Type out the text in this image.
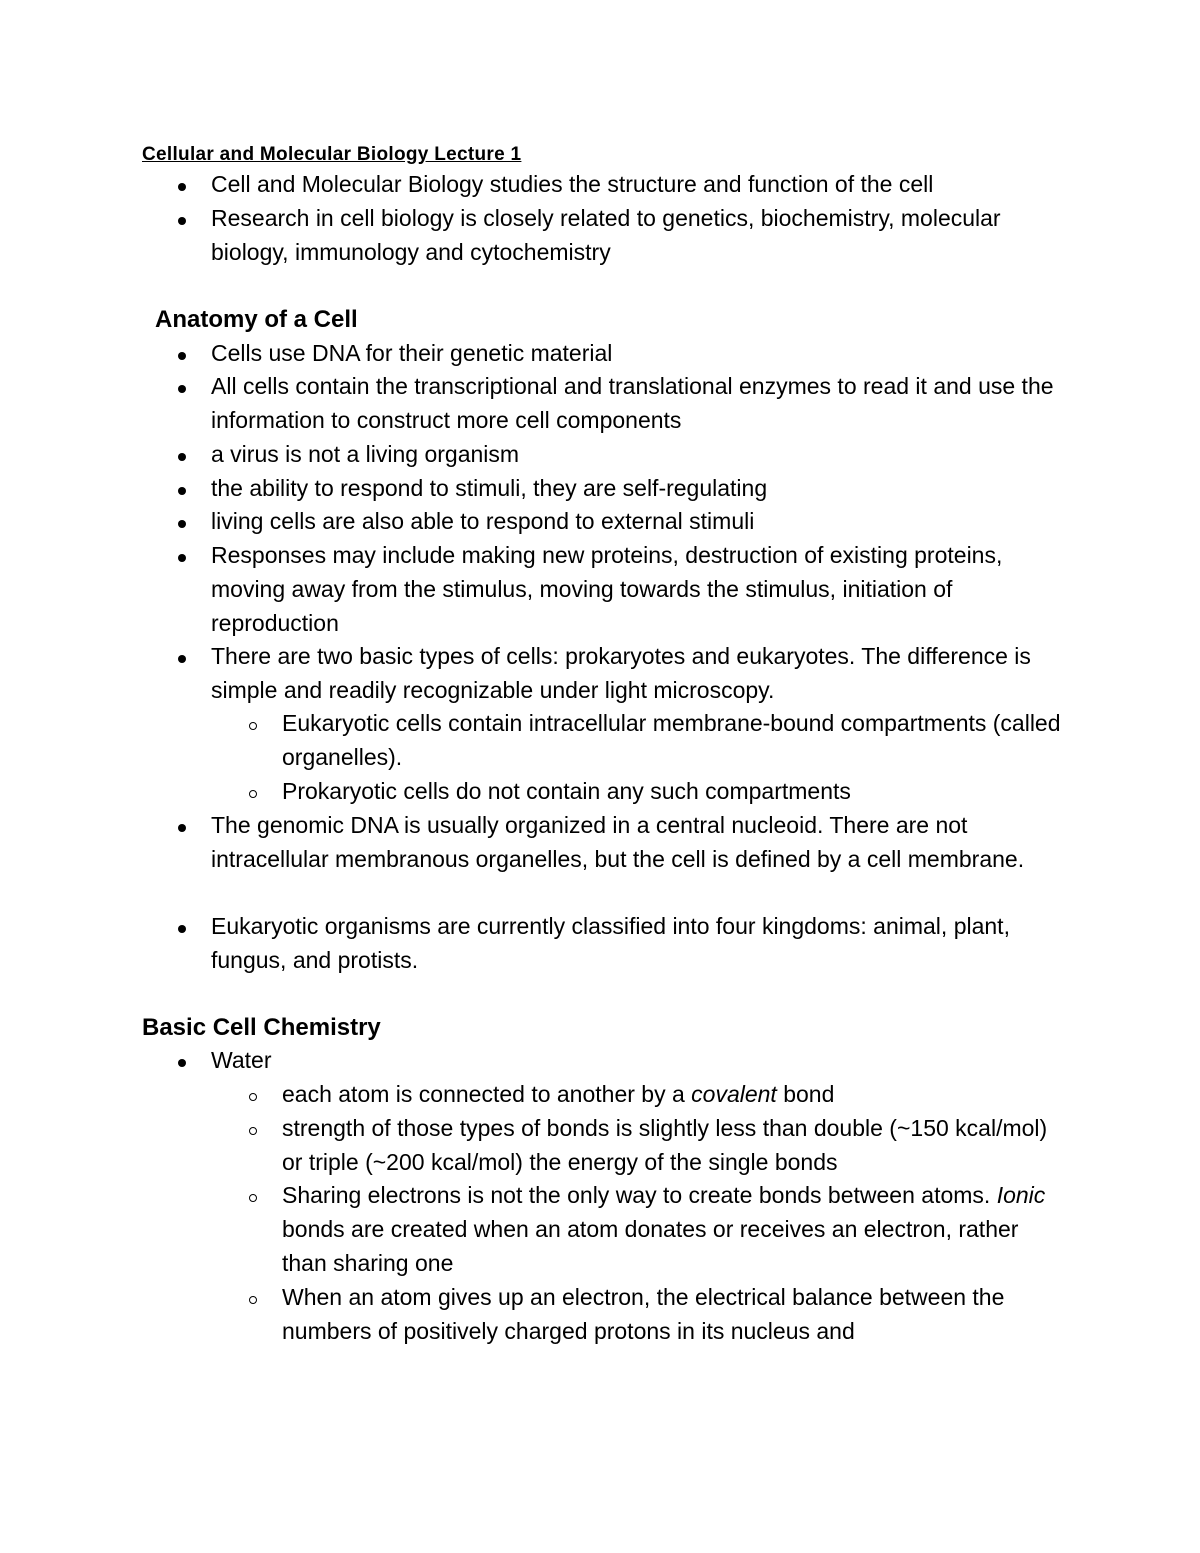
Cellular and Molecular Biology Lecture 1

Cell and Molecular Biology studies the structure and function of the cell

Research in cell biology is closely related to genetics, biochemistry, molecular biology, immunology and cytochemistry

Anatomy of a Cell

Cells use DNA for their genetic material

All cells contain the transcriptional and translational enzymes to read it and use the information to construct more cell components

a virus is not a living organism

the ability to respond to stimuli, they are self-regulating

living cells are also able to respond to external stimuli

Responses may include making new proteins, destruction of existing proteins, moving away from the stimulus, moving towards the stimulus, initiation of reproduction

There are two basic types of cells: prokaryotes and eukaryotes. The difference is simple and readily recognizable under light microscopy.

Eukaryotic cells contain intracellular membrane-bound compartments (called organelles).

Prokaryotic cells do not contain any such compartments

The genomic DNA is usually organized in a central nucleoid. There are not intracellular membranous organelles, but the cell is defined by a cell membrane.

Eukaryotic organisms are currently classified into four kingdoms: animal, plant, fungus, and protists.

Basic Cell Chemistry

Water

each atom is connected to another by a covalent bond

strength of those types of bonds is slightly less than double (~150 kcal/mol) or triple (~200 kcal/mol) the energy of the single bonds

Sharing electrons is not the only way to create bonds between atoms. Ionic bonds are created when an atom donates or receives an electron, rather than sharing one

When an atom gives up an electron, the electrical balance between the numbers of positively charged protons in its nucleus and
